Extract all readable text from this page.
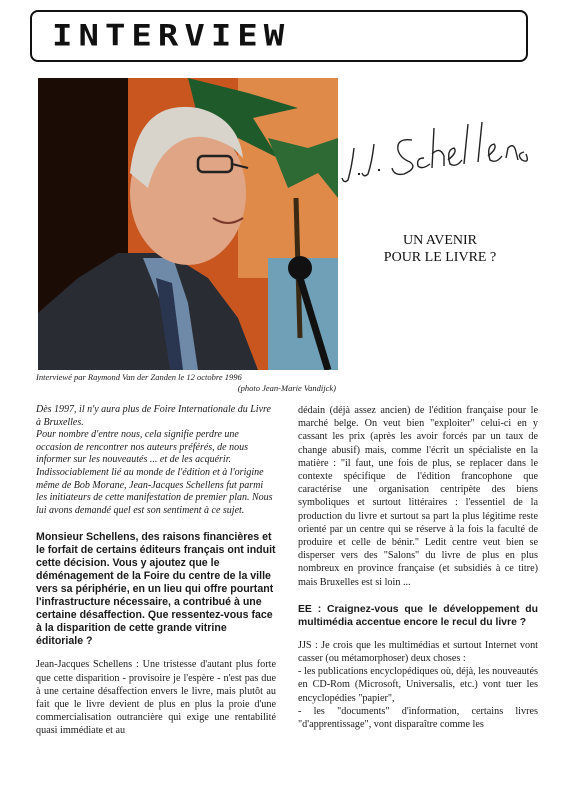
INTERVIEW
UN AVENIR
POUR LE LIVRE ?
Interviewé par Raymond Van der Zanden le 12 octobre 1996
(photo Jean-Marie Vandijck)

Dès 1997, il n'y aura plus de Foire Internationale du Livre à Bruxelles.

Pour nombre d'entre nous, cela signifie perdre une occasion de rencontrer nos auteurs préférés, de nous informer sur les nouveautés ... et de les acquérir.

Indissociablement lié au monde de l'édition et à l'origine même de Bob Morane, Jean-Jacques Schellens fut parmi les initiateurs de cette manifestation de premier plan. Nous lui avons demandé quel est son sentiment à ce sujet.

Monsieur Schellens, des raisons financières et le forfait de certains éditeurs français ont induit cette décision. Vous y ajoutez que le déménagement de la Foire du centre de la ville vers sa périphérie, en un lieu qui offre pourtant l'infrastructure nécessaire, a contribué à une certaine désaffection. Que ressentez-vous face à la disparition de cette grande vitrine éditoriale ?

Jean-Jacques Schellens : Une tristesse d'autant plus forte que cette disparition - provisoire je l'espère - n'est pas due à une certaine désaffection envers le livre, mais plutôt au fait que le livre devient de plus en plus la proie d'une commercialisation outrancière qui exige une rentabilité quasi immédiate et au

dédain (déjà assez ancien) de l'édition française pour le marché belge. On veut bien "exploiter" celui-ci en y cassant les prix (après les avoir forcés par un taux de change abusif) mais, comme l'écrit un spécialiste en la matière : "il faut, une fois de plus, se replacer dans le contexte spécifique de l'édition francophone que caractérise une organisation centripète des biens symboliques et surtout littéraires : l'essentiel de la production du livre et surtout sa part la plus légitime reste orienté par un centre qui se réserve à la fois la faculté de produire et celle de bénir." Ledit centre veut bien se disperser vers des "Salons" du livre de plus en plus nombreux en province française (et subsidiés à ce titre) mais Bruxelles est si loin ...

EE : Craignez-vous que le développement du multimédia accentue encore le recul du livre ?

JJS : Je crois que les multimédias et surtout Internet vont casser (ou métamorphoser) deux choses :

- les publications encyclopédiques où, déjà, les nouveautés en CD-Rom (Microsoft, Universalis, etc.) vont tuer les encyclopédies "papier",

- les "documents" d'information, certains livres "d'apprentissage", vont disparaître comme les
